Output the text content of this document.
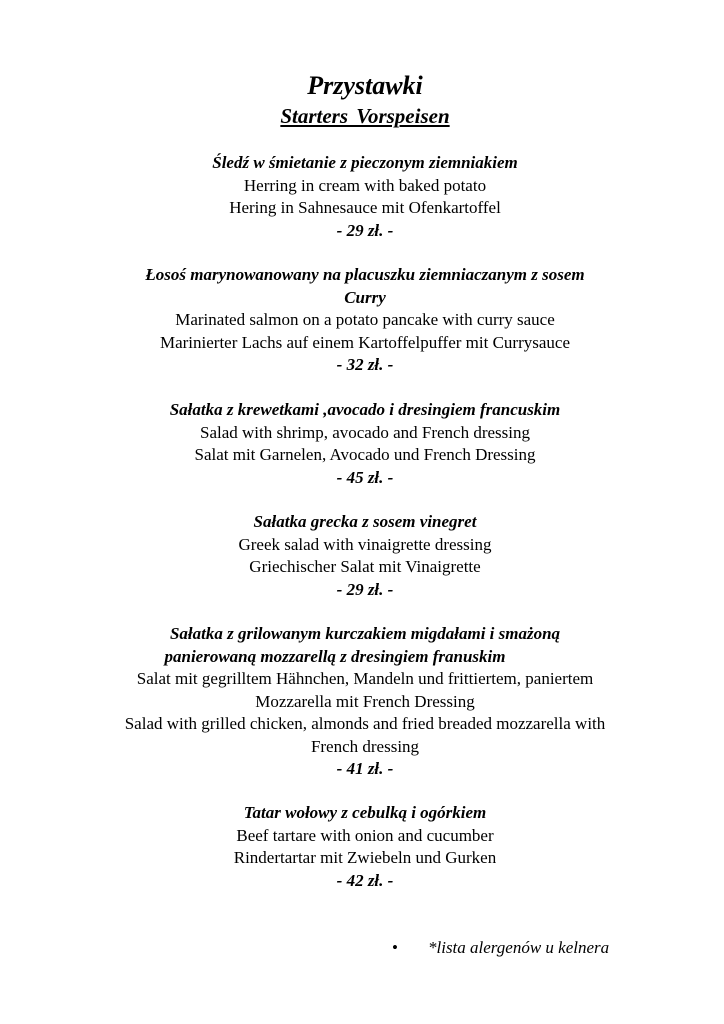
Przystawki
Starters Vorspeisen
Śledź w śmietanie z pieczonym ziemniakiem
Herring in cream with baked potato
Hering in Sahnesauce mit Ofenkartoffel
- 29 zł. -
Łosoś marynowanowany na placuszku ziemniaczanym z sosem
Curry
Marinated salmon on a potato pancake with curry sauce
Marinierter Lachs auf einem Kartoffelpuffer mit Currysauce
- 32 zł. -
Sałatka z krewetkami ,avocado i dresingiem francuskim
Salad with shrimp, avocado and French dressing
Salat mit Garnelen, Avocado und French Dressing
- 45 zł. -
Sałatka grecka z sosem vinegret
Greek salad with vinaigrette dressing
Griechischer Salat mit Vinaigrette
- 29 zł. -
Sałatka z grilowanym kurczakiem migdałami i smażoną
panierowaną mozzarellą z dresingiem franuskim
Salat mit gegrilltem Hähnchen, Mandeln und frittiertem, paniertem
Mozzarella mit French Dressing
Salad with grilled chicken, almonds and fried breaded mozzarella with
French dressing
- 41 zł. -
Tatar wołowy z cebulką i ogórkiem
Beef tartare with onion and cucumber
Rindertartar mit Zwiebeln und Gurken
- 42 zł. -
• *lista alergenów u kelnera
